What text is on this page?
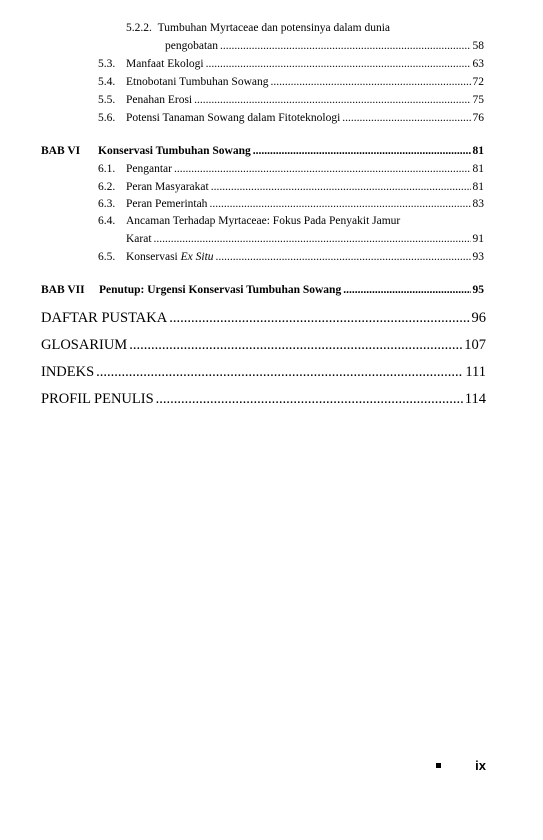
5.2.2. Tumbuhan Myrtaceae dan potensinya dalam dunia
pengobatan .....	58
5.3. Manfaat Ekologi .....	63
5.4. Etnobotani Tumbuhan Sowang .....	72
5.5. Penahan Erosi .....	75
5.6. Potensi Tanaman Sowang dalam Fitoteknologi .....	76
BAB VI	Konservasi Tumbuhan Sowang .....	81
6.1. Pengantar .....	81
6.2. Peran Masyarakat .....	81
6.3. Peran Pemerintah .....	83
6.4. Ancaman Terhadap Myrtaceae: Fokus Pada Penyakit Jamur
Karat .....	91
6.5. Konservasi Ex Situ .....	93
BAB VII	Penutup: Urgensi Konservasi Tumbuhan Sowang .....	95
DAFTAR PUSTAKA .....	96
GLOSARIUM .....	107
INDEKS .....	111
PROFIL PENULIS .....	114
ix
